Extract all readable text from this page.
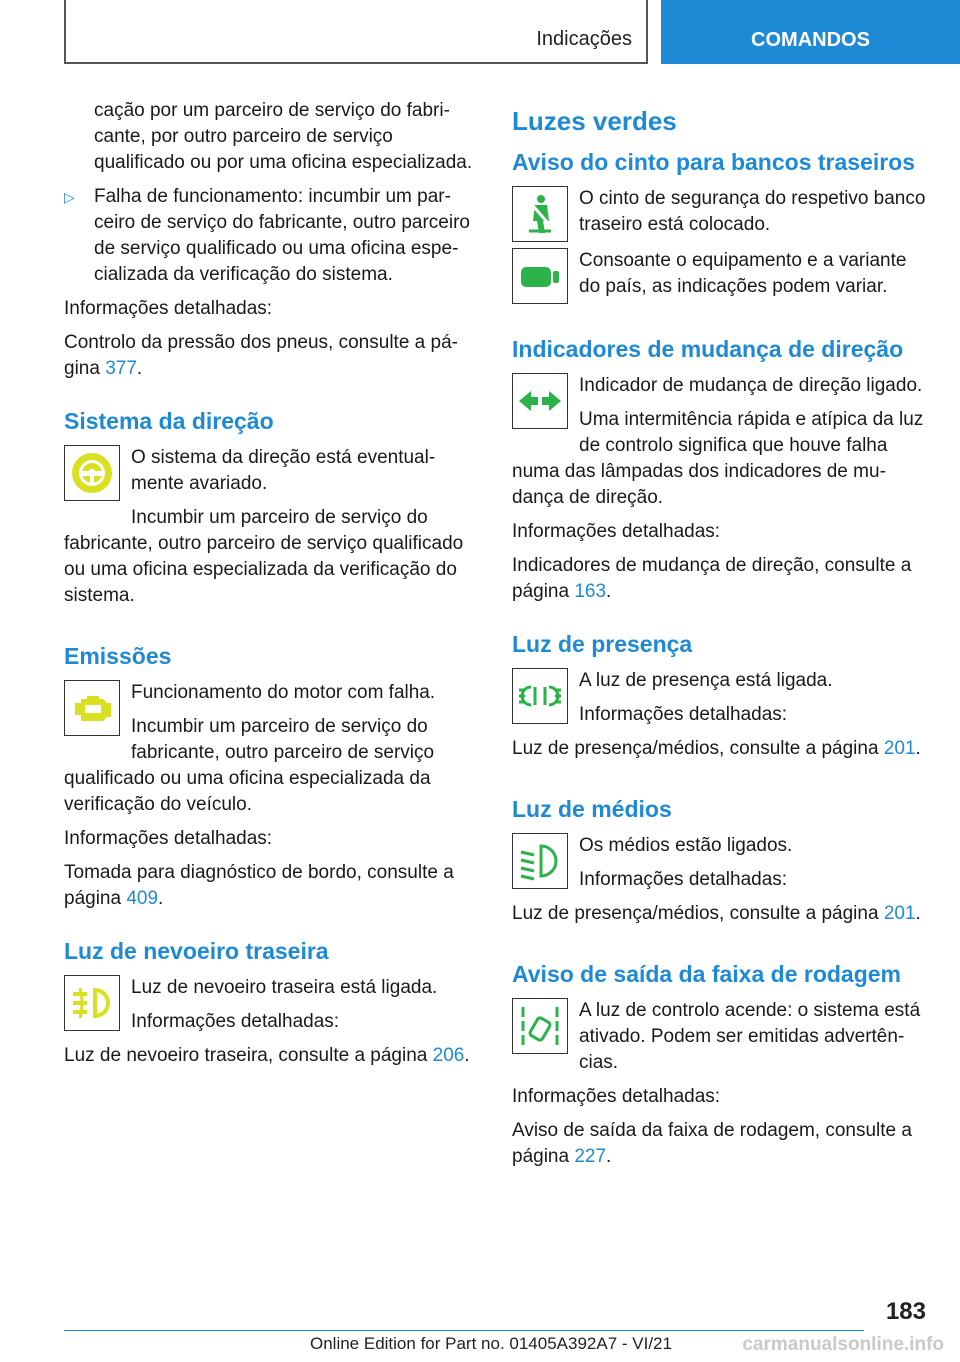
Indicações	COMANDOS

cação por um parceiro de serviço do fabricante, por outro parceiro de serviço qualificado ou por uma oficina especializada.

▷ Falha de funcionamento: incumbir um parceiro de serviço do fabricante, outro parceiro de serviço qualificado ou uma oficina especializada da verificação do sistema.

Informações detalhadas:

Controlo da pressão dos pneus, consulte a página 377.

Sistema da direção

O sistema da direção está eventualmente avariado.

Incumbir um parceiro de serviço do fabricante, outro parceiro de serviço qualificado ou uma oficina especializada da verificação do sistema.

Emissões

Funcionamento do motor com falha.

Incumbir um parceiro de serviço do fabricante, outro parceiro de serviço qualificado ou uma oficina especializada da verificação do veículo.

Informações detalhadas:

Tomada para diagnóstico de bordo, consulte a página 409.

Luz de nevoeiro traseira

Luz de nevoeiro traseira está ligada.

Informações detalhadas:

Luz de nevoeiro traseira, consulte a página 206.

Luzes verdes
Aviso do cinto para bancos traseiros

O cinto de segurança do respetivo banco traseiro está colocado.

Consoante o equipamento e a variante do país, as indicações podem variar.

Indicadores de mudança de direção

Indicador de mudança de direção ligado.

Uma intermitência rápida e atípica da luz de controlo significa que houve falha numa das lâmpadas dos indicadores de mudança de direção.

Informações detalhadas:

Indicadores de mudança de direção, consulte a página 163.

Luz de presença

A luz de presença está ligada.

Informações detalhadas:

Luz de presença/médios, consulte a página 201.

Luz de médios

Os médios estão ligados.

Informações detalhadas:

Luz de presença/médios, consulte a página 201.

Aviso de saída da faixa de rodagem

A luz de controlo acende: o sistema está ativado. Podem ser emitidas advertências.

Informações detalhadas:

Aviso de saída da faixa de rodagem, consulte a página 227.

183
Online Edition for Part no. 01405A392A7 - VI/21	carmanualsonline.info
